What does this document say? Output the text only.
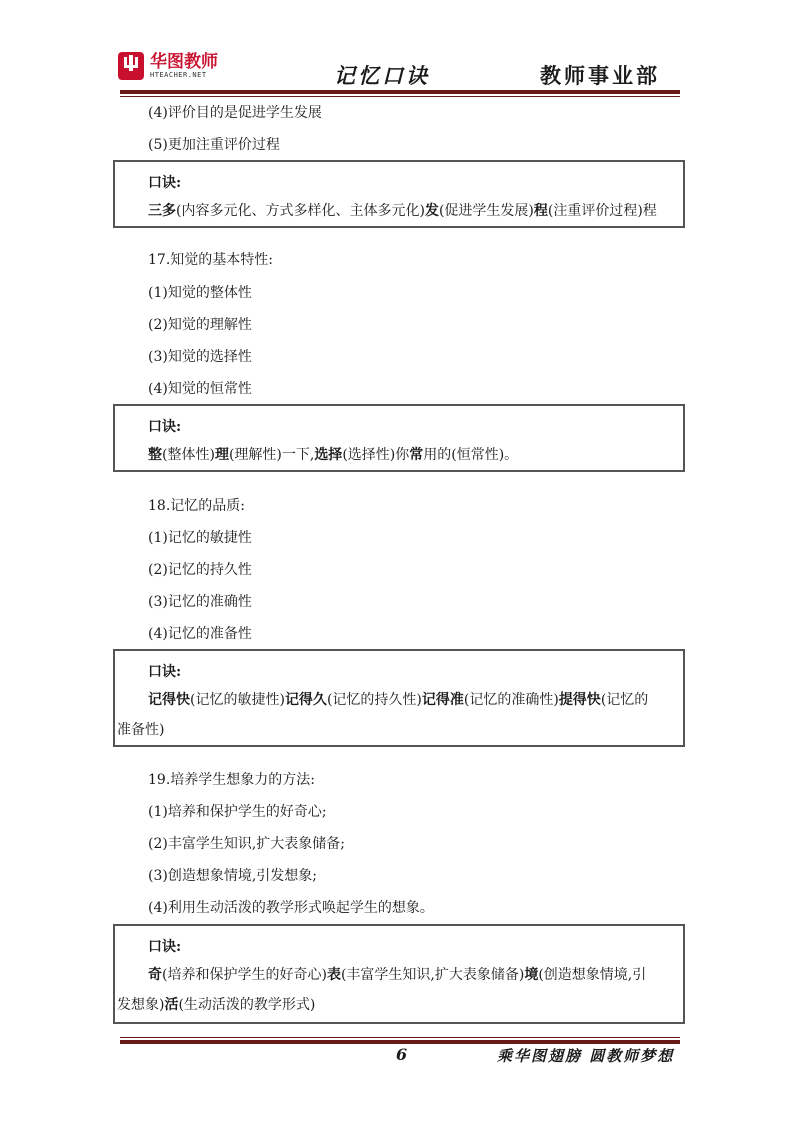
华图教师
HTEACHER.NET	记忆口诀	教师事业部
(4)评价目的是促进学生发展
(5)更加注重评价过程
口诀:
三多(内容多元化、方式多样化、主体多元化)发(促进学生发展)程(注重评价过程)程
17.知觉的基本特性:
(1)知觉的整体性
(2)知觉的理解性
(3)知觉的选择性
(4)知觉的恒常性
口诀:
整(整体性)理(理解性)一下,选择(选择性)你常用的(恒常性)。
18.记忆的品质:
(1)记忆的敏捷性
(2)记忆的持久性
(3)记忆的准确性
(4)记忆的准备性
口诀:
记得快(记忆的敏捷性)记得久(记忆的持久性)记得准(记忆的准确性)提得快(记忆的
准备性)
19.培养学生想象力的方法:
(1)培养和保护学生的好奇心;
(2)丰富学生知识,扩大表象储备;
(3)创造想象情境,引发想象;
(4)利用生动活泼的教学形式唤起学生的想象。
口诀:
奇(培养和保护学生的好奇心)表(丰富学生知识,扩大表象储备)境(创造想象情境,引
发想象)活(生动活泼的教学形式)
6	乘华图翅膀 圆教师梦想
